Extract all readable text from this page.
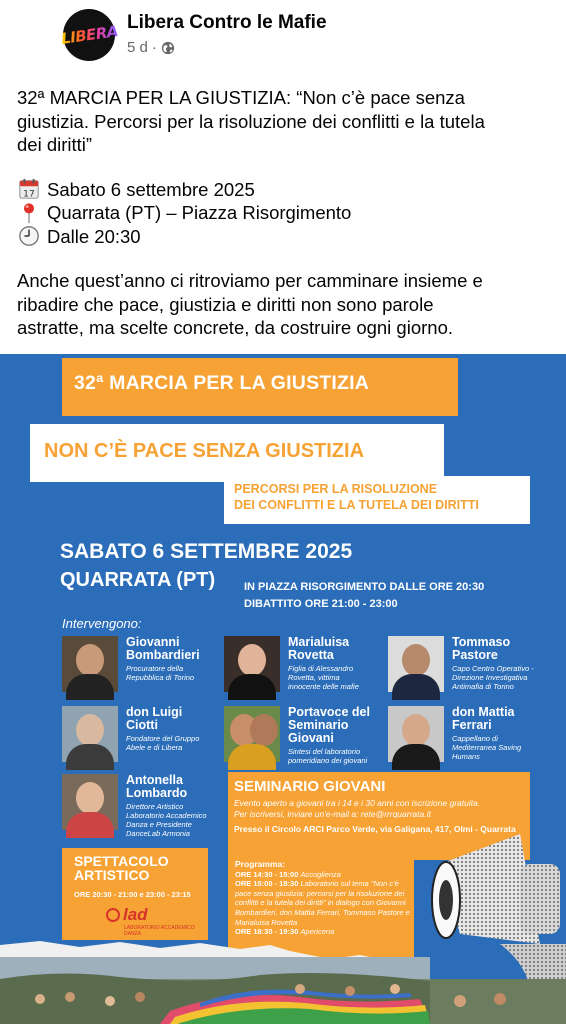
LIBERA Libera Contro le Mafie
5 d ·

32ª MARCIA PER LA GIUSTIZIA: “Non c’è pace senza

giustizia. Percorsi per la risoluzione dei conflitti e la tutela

dei diritti”

17 Sabato 6 settembre 2025
Quarrata (PT) – Piazza Risorgimento
Dalle 20:30

Anche quest’anno ci ritroviamo per camminare insieme e

ribadire che pace, giustizia e diritti non sono parole

astratte, ma scelte concrete, da costruire ogni giorno.

32ª MARCIA PER LA GIUSTIZIA
NON C’È PACE SENZA GIUSTIZIA
PERCORSI PER LA RISOLUZIONE
DEI CONFLITTI E LA TUTELA DEI DIRITTI
SABATO 6 SETTEMBRE 2025
QUARRATA (PT)	IN PIAZZA RISORGIMENTO DALLE ORE 20:30
DIBATTITO ORE 21:00 - 23:00
Intervengono:
Giovanni
Bombardieri
Procuratore della
Repubblica di Torino
Marialuisa
Rovetta
Figlia di Alessandro
Rovetta, vittima
innocente delle mafie
Tommaso
Pastore
Capo Centro Operativo -
Direzione Investigativa
Antimafia di Torino
don Luigi
Ciotti
Fondatore del Gruppo
Abele e di Libera
Portavoce del
Seminario
Giovani
Sintesi del laboratorio
pomeridiano dei giovani
don Mattia
Ferrari
Cappellano di
Mediterranea Saving
Humans
Antonella
Lombardo
Direttore Artistico
Laboratorio Accademico
Danza e Presidente
DanceLab Armonia
SEMINARIO GIOVANI
Evento aperto a giovani tra i 14 e i 30 anni con iscrizione gratuita.
Per iscriversi, inviare un'e-mail a: rete@rrrquarrata.it
Presso il Circolo ARCI Parco Verde, via Galigana, 417, Olmi - Quarrata
SPETTACOLO
ARTISTICO
ORE 20:30 - 21:00 e 23:00 - 23:15
lad
LABORATORIO ACCADEMICO DANZA
Programma:
ORE 14:30 - 15:00 Accoglienza
ORE 15:00 - 18:30 Laboratorio sul tema "Non c'è pace senza giustizia: percorsi per la risoluzione dei conflitti e la tutela dei diritti" in dialogo con Giovanni Bombardieri, don Mattia Ferrari, Tommaso Pastore e Marialuisa Rovetta
ORE 18:30 - 19:30 Apericena
